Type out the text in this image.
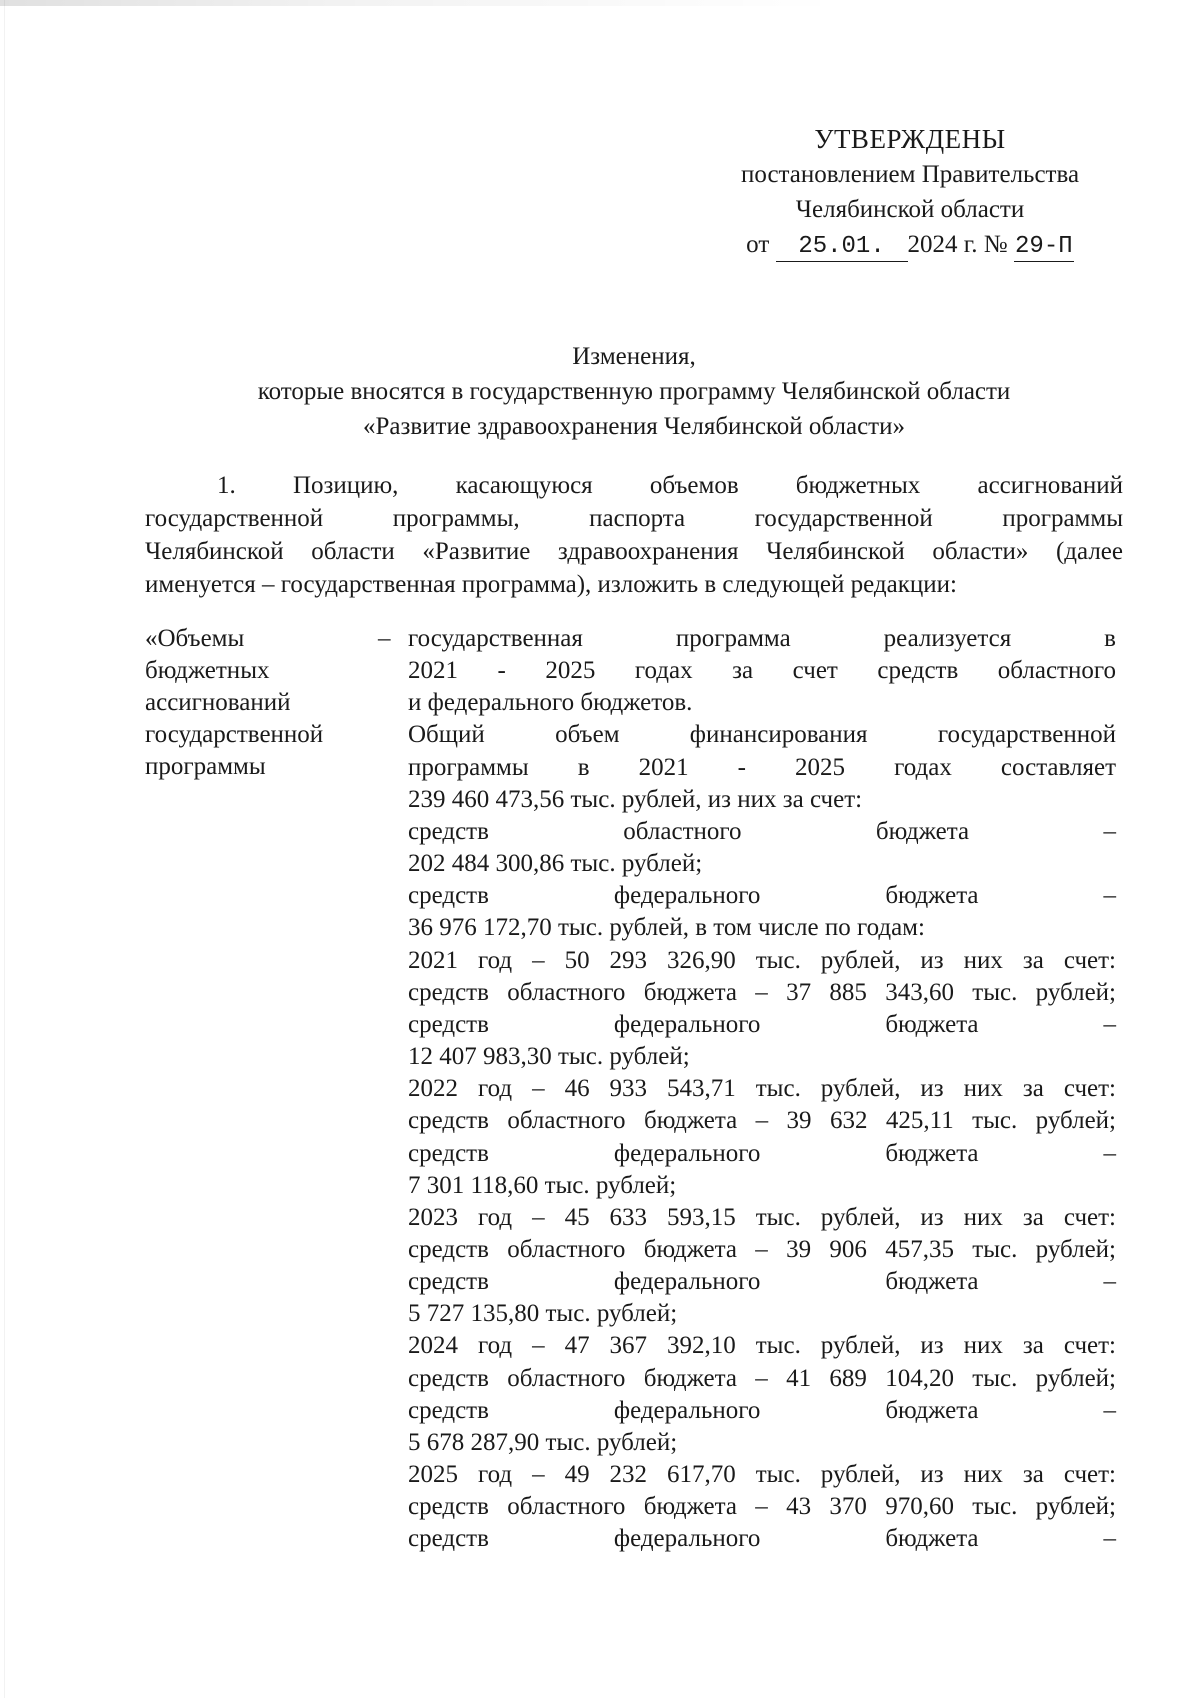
УТВЕРЖДЕНЫ
постановлением Правительства
Челябинской области
от 25.01. 2024 г. № 29-П
Изменения,
которые вносятся в государственную программу Челябинской области
«Развитие здравоохранения Челябинской области»
1. Позицию, касающуюся объемов бюджетных ассигнований
государственной программы, паспорта государственной программы
Челябинской области «Развитие здравоохранения Челябинской области» (далее
именуется – государственная программа), изложить в следующей редакции:
«Объемы
бюджетных
ассигнований
государственной
программы
– государственная программа реализуется в
2021 - 2025 годах за счет средств областного
и федерального бюджетов.
Общий объем финансирования государственной
программы в 2021 - 2025 годах составляет
239 460 473,56 тыс. рублей, из них за счет:
средств областного бюджета –
202 484 300,86 тыс. рублей;
средств федерального бюджета –
36 976 172,70 тыс. рублей, в том числе по годам:
2021 год – 50 293 326,90 тыс. рублей, из них за счет:
средств областного бюджета – 37 885 343,60 тыс. рублей;
средств федерального бюджета –
12 407 983,30 тыс. рублей;
2022 год – 46 933 543,71 тыс. рублей, из них за счет:
средств областного бюджета – 39 632 425,11 тыс. рублей;
средств федерального бюджета –
7 301 118,60 тыс. рублей;
2023 год – 45 633 593,15 тыс. рублей, из них за счет:
средств областного бюджета – 39 906 457,35 тыс. рублей;
средств федерального бюджета –
5 727 135,80 тыс. рублей;
2024 год – 47 367 392,10 тыс. рублей, из них за счет:
средств областного бюджета – 41 689 104,20 тыс. рублей;
средств федерального бюджета –
5 678 287,90 тыс. рублей;
2025 год – 49 232 617,70 тыс. рублей, из них за счет:
средств областного бюджета – 43 370 970,60 тыс. рублей;
средств федерального бюджета –
